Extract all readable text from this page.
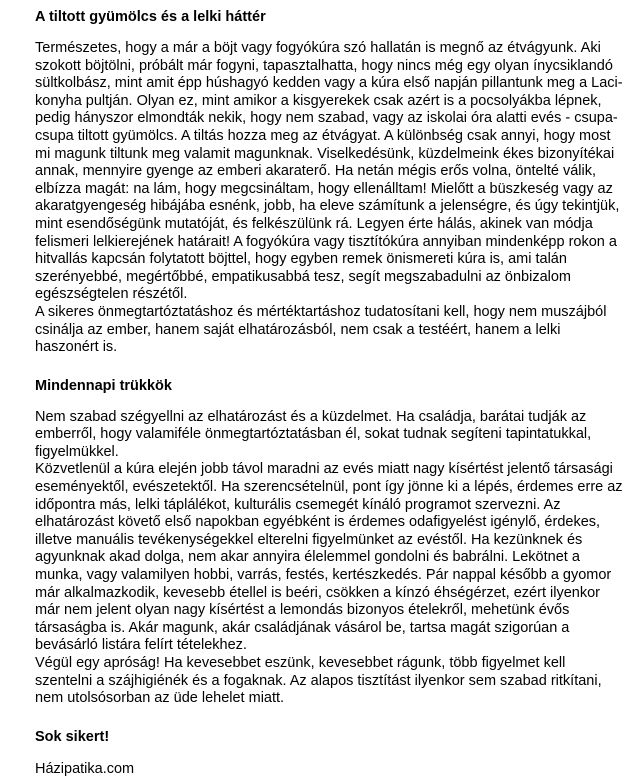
A tiltott gyümölcs és a lelki háttér

Természetes, hogy a már a böjt vagy fogyókúra szó hallatán is megnő az étvágyunk. Aki szokott böjtölni, próbált már fogyni, tapasztalhatta, hogy nincs még egy olyan ínycsiklandó sültkolbász, mint amit épp húshagyó kedden vagy a kúra első napján pillantunk meg a Laci-konyha pultján. Olyan ez, mint amikor a kisgyerekek csak azért is a pocsolyákba lépnek, pedig hányszor elmondták nekik, hogy nem szabad, vagy az iskolai óra alatti evés - csupa-csupa tiltott gyümölcs. A tiltás hozza meg az étvágyat. A különbség csak annyi, hogy most mi magunk tiltunk meg valamit magunknak. Viselkedésünk, küzdelmeink ékes bizonyítékai annak, mennyire gyenge az emberi akaraterő. Ha netán mégis erős volna, öntelté válik, elbízza magát: na lám, hogy megcsináltam, hogy ellenálltam! Mielőtt a büszkeség vagy az akaratgyengeség hibájába esnénk, jobb, ha eleve számítunk a jelenségre, és úgy tekintjük, mint esendőségünk mutatóját, és felkészülünk rá. Legyen érte hálás, akinek van módja felismeri lelkierejének határait! A fogyókúra vagy tisztítókúra annyiban mindenképp rokon a hitvallás kapcsán folytatott böjttel, hogy egyben remek önismereti kúra is, ami talán szerényebbé, megértőbbé, empatikusabbá tesz, segít megszabadulni az önbizalom egészségtelen részétől.

A sikeres önmegtartóztatáshoz és mértéktartáshoz tudatosítani kell, hogy nem muszájból csinálja az ember, hanem saját elhatározásból, nem csak a testéért, hanem a lelki haszonért is.

Mindennapi trükkök

Nem szabad szégyellni az elhatározást és a küzdelmet. Ha családja, barátai tudják az emberről, hogy valamiféle önmegtartóztatásban él, sokat tudnak segíteni tapintatukkal, figyelmükkel.

Közvetlenül a kúra elején jobb távol maradni az evés miatt nagy kísértést jelentő társasági eseményektől, evészetektől. Ha szerencsételnül, pont így jönne ki a lépés, érdemes erre az időpontra más, lelki táplálékot, kulturális csemegét kínáló programot szervezni. Az elhatározást követő első napokban egyébként is érdemes odafigyelést igénylő, érdekes, illetve manuális tevékenységekkel elterelni figyelmünket az evéstől. Ha kezünknek és agyunknak akad dolga, nem akar annyira élelemmel gondolni és babrálni. Lekötnet a munka, vagy valamilyen hobbi, varrás, festés, kertészkedés. Pár nappal később a gyomor már alkalmazkodik, kevesebb étellel is beéri, csökken a kínzó éhségérzet, ezért ilyenkor már nem jelent olyan nagy kísértést a lemondás bizonyos ételekről, mehetünk évős társaságba is. Akár magunk, akár családjának vásárol be, tartsa magát szigorúan a bevásárló listára felírt tételekhez.

Végül egy apróság! Ha kevesebbet eszünk, kevesebbet rágunk, több figyelmet kell szentelni a szájhigiénék és a fogaknak. Az alapos tisztítást ilyenkor sem szabad ritkítani, nem utolsósorban az üde lehelet miatt.

Sok sikert!
Házipatika.com
